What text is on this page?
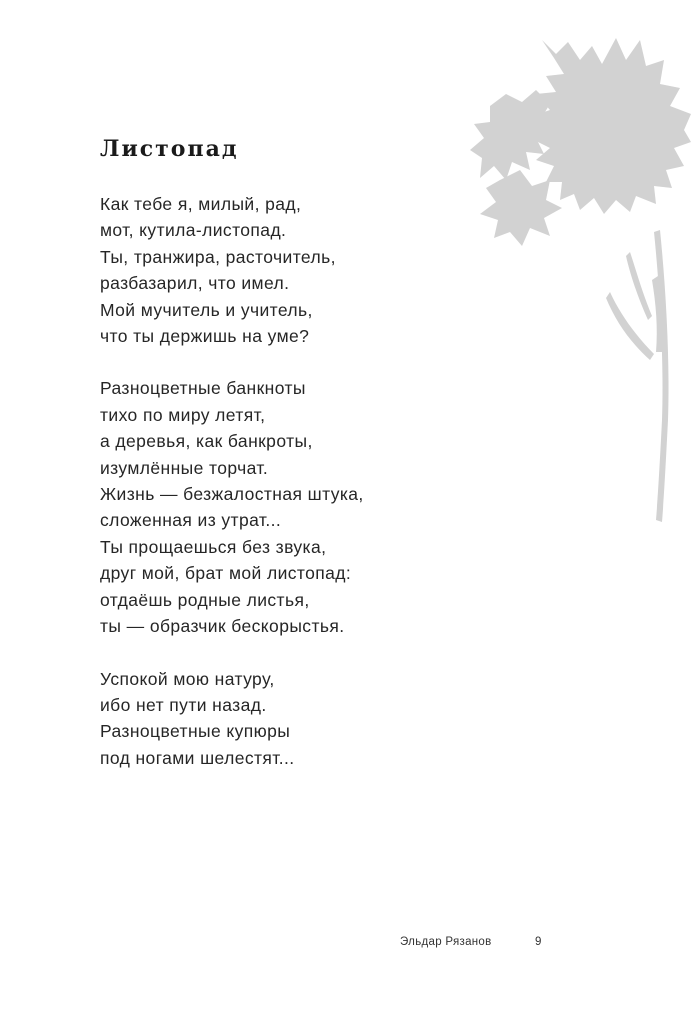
Листопад
Как тебе я, милый, рад,
мот, кутила-листопад.
Ты, транжира, расточитель,
разбазарил, что имел.
Мой мучитель и учитель,
что ты держишь на уме?
Разноцветные банкноты
тихо по миру летят,
а деревья, как банкроты,
изумлённые торчат.
Жизнь — безжалостная штука,
сложенная из утрат...
Ты прощаешься без звука,
друг мой, брат мой листопад:
отдаёшь родные листья,
ты — образчик бескорыстья.
Успокой мою натуру,
ибо нет пути назад.
Разноцветные купюры
под ногами шелестят...
Эльдар Рязанов	9
